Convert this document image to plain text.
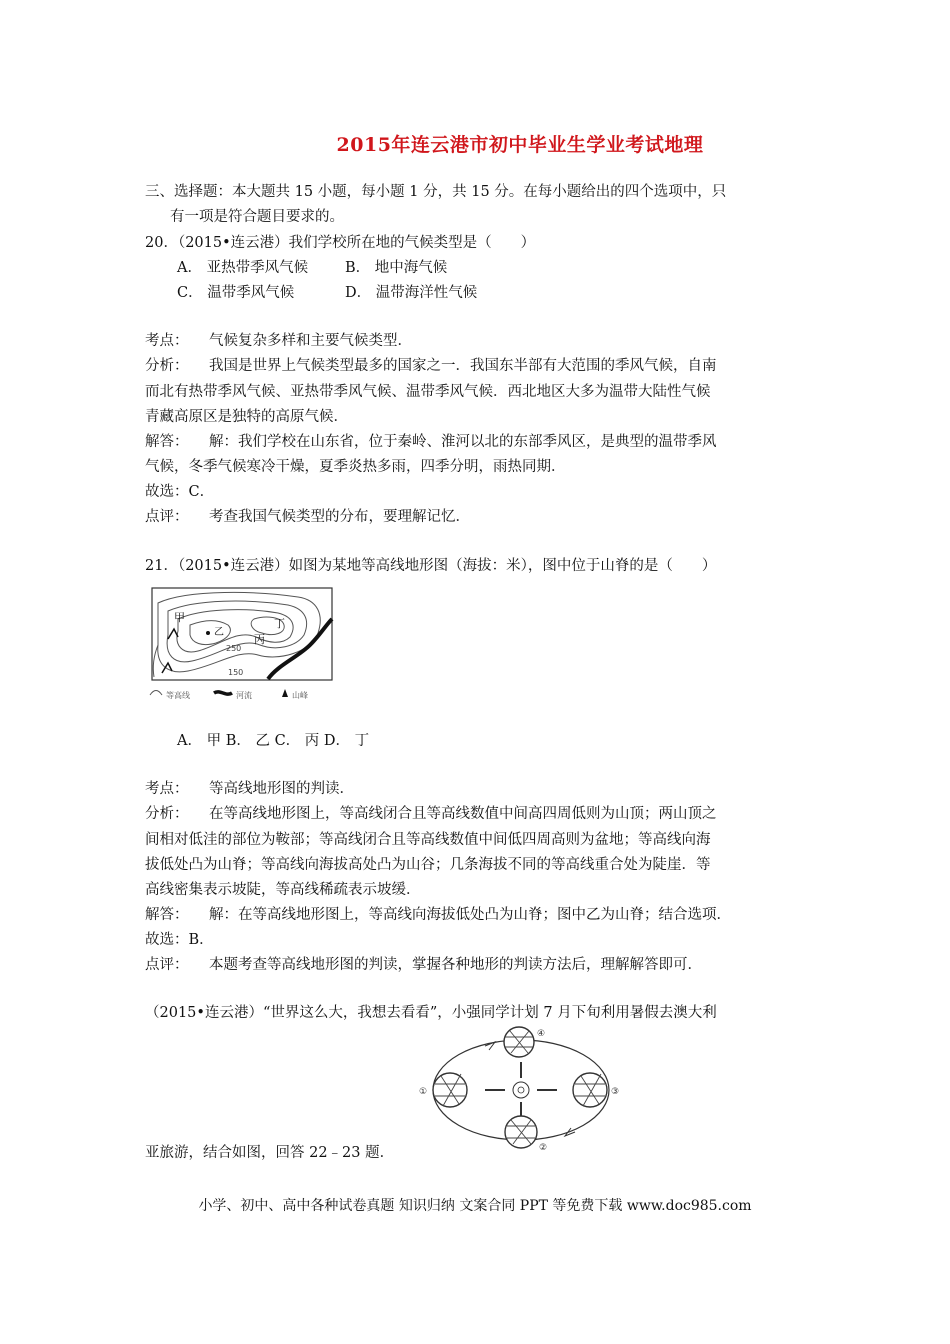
2015年连云港市初中毕业生学业考试地理
三、选择题：本大题共 15 小题，每小题 1 分，共 15 分。在每小题给出的四个选项中，只
有一项是符合题目要求的。
20．（2015•连云港）我们学校所在地的气候类型是（　　）
A． 亚热带季风气候	B． 地中海气候
C． 温带季风气候	D． 温带海洋性气候
考点： 气候复杂多样和主要气候类型．
分析： 我国是世界上气候类型最多的国家之一．我国东半部有大范围的季风气候，自南
而北有热带季风气候、亚热带季风气候、温带季风气候．西北地区大多为温带大陆性气候
青藏高原区是独特的高原气候．
解答： 解：我们学校在山东省，位于秦岭、淮河以北的东部季风区，是典型的温带季风
气候，冬季气候寒冷干燥，夏季炎热多雨，四季分明，雨热同期．
故选：C．
点评： 考查我国气候类型的分布，要理解记忆．
21．（2015•连云港）如图为某地等高线地形图（海拔：米），图中位于山脊的是（　　）
甲
乙
丙
丁
250
150
等高线	河流	山峰
A． 甲 B． 乙 C． 丙 D． 丁
考点： 等高线地形图的判读．
分析： 在等高线地形图上，等高线闭合且等高线数值中间高四周低则为山顶；两山顶之
间相对低洼的部位为鞍部；等高线闭合且等高线数值中间低四周高则为盆地；等高线向海
拔低处凸为山脊；等高线向海拔高处凸为山谷；几条海拔不同的等高线重合处为陡崖．等
高线密集表示坡陡，等高线稀疏表示坡缓．
解答： 解：在等高线地形图上，等高线向海拔低处凸为山脊；图中乙为山脊；结合选项．
故选：B．
点评： 本题考查等高线地形图的判读，掌握各种地形的判读方法后，理解解答即可．
（2015•连云港）“世界这么大，我想去看看”，小强同学计划 7 月下旬利用暑假去澳大利
①
②
③
④
亚旅游，结合如图，回答 22﹣23 题．
小学、初中、高中各种试卷真题 知识归纳 文案合同 PPT 等免费下载 www.doc985.com
